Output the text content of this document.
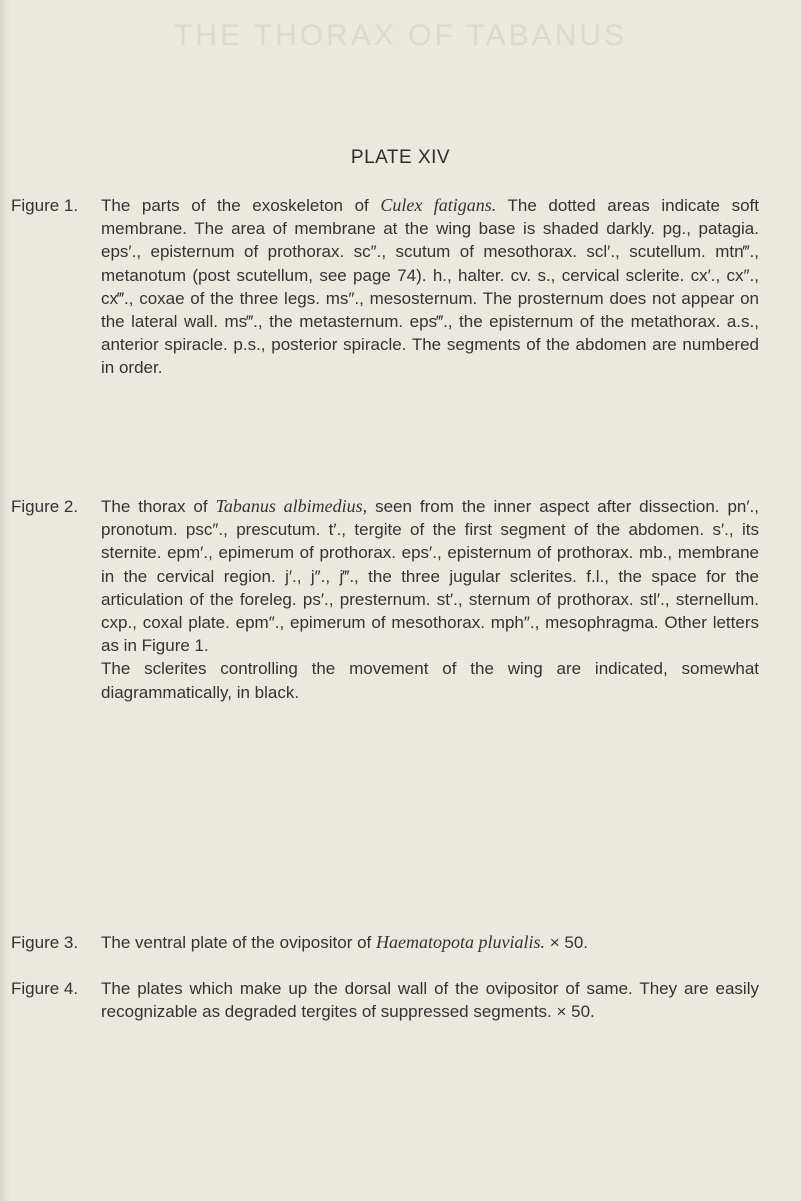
THE THORAX OF TABANUS
PLATE XIV
Figure 1. The parts of the exoskeleton of Culex fatigans. The dotted areas indicate soft membrane. The area of membrane at the wing base is shaded darkly. pg., patagia. eps′., episternum of prothorax. sc″., scutum of mesothorax. scl′., scutellum. mtn‴., metanotum (post scutellum, see page 74). h., halter. cv. s., cervical sclerite. cx′., cx″., cx‴., coxae of the three legs. ms″., mesosternum. The prosternum does not appear on the lateral wall. ms‴., the metasternum. eps‴., the episternum of the metathorax. a.s., anterior spiracle. p.s., posterior spiracle. The segments of the abdomen are numbered in order.
Figure 2. The thorax of Tabanus albimedius, seen from the inner aspect after dissection. pn′., pronotum. psc″., prescutum. t′., tergite of the first segment of the abdomen. s′., its sternite. epm′., epimerum of prothorax. eps′., episternum of prothorax. mb., membrane in the cervical region. j′., j″., j‴., the three jugular sclerites. f.l., the space for the articulation of the foreleg. ps′., presternum. st′., sternum of prothorax. stl′., sternellum. cxp., coxal plate. epm″., epimerum of mesothorax. mph″., mesophragma. Other letters as in Figure 1.
The sclerites controlling the movement of the wing are indicated, somewhat diagrammatically, in black.
Figure 3. The ventral plate of the ovipositor of Haematopota pluvialis. × 50.
Figure 4. The plates which make up the dorsal wall of the ovipositor of same. They are easily recognizable as degraded tergites of suppressed segments. × 50.
